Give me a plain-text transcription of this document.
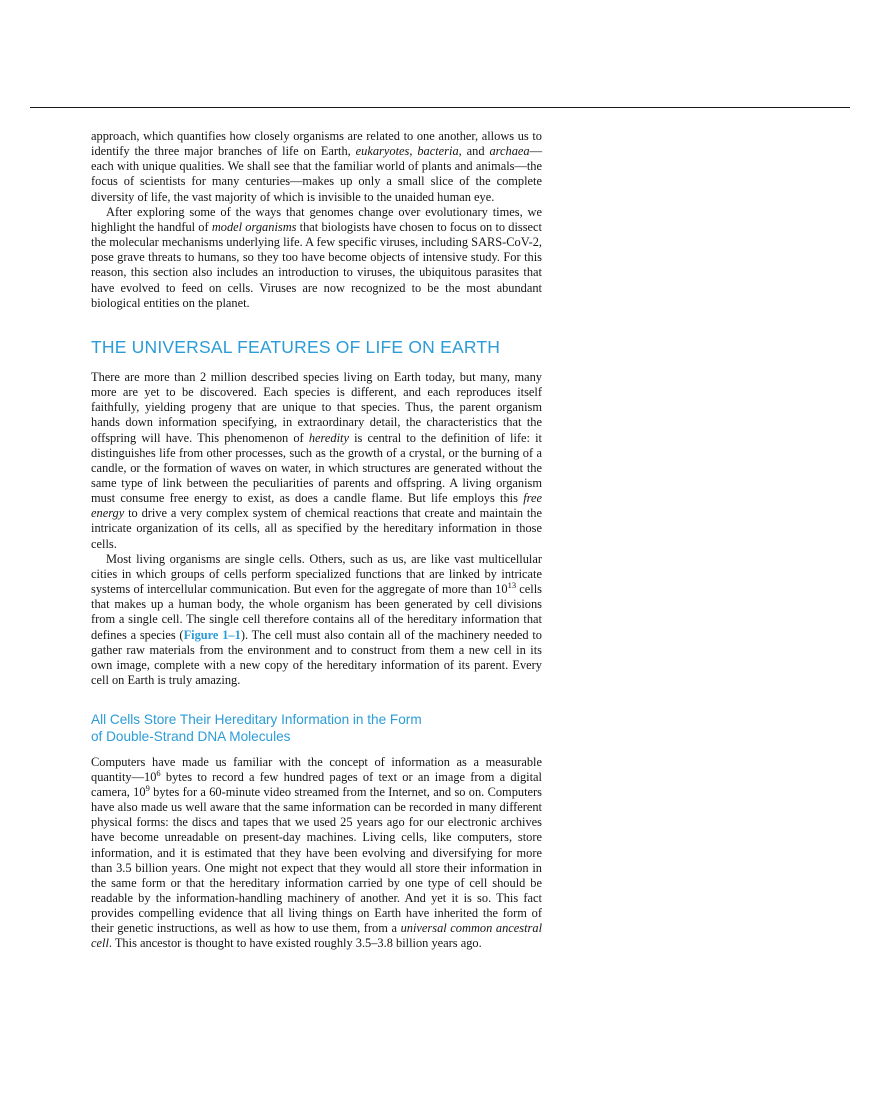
approach, which quantifies how closely organisms are related to one another, allows us to identify the three major branches of life on Earth, eukaryotes, bacteria, and archaea—each with unique qualities. We shall see that the familiar world of plants and animals—the focus of scientists for many centuries—makes up only a small slice of the complete diversity of life, the vast majority of which is invisible to the unaided human eye.

After exploring some of the ways that genomes change over evolutionary times, we highlight the handful of model organisms that biologists have chosen to focus on to dissect the molecular mechanisms underlying life. A few specific viruses, including SARS-CoV-2, pose grave threats to humans, so they too have become objects of intensive study. For this reason, this section also includes an introduction to viruses, the ubiquitous parasites that have evolved to feed on cells. Viruses are now recognized to be the most abundant biological entities on the planet.

THE UNIVERSAL FEATURES OF LIFE ON EARTH

There are more than 2 million described species living on Earth today, but many, many more are yet to be discovered. Each species is different, and each reproduces itself faithfully, yielding progeny that are unique to that species. Thus, the parent organism hands down information specifying, in extraordinary detail, the characteristics that the offspring will have. This phenomenon of heredity is central to the definition of life: it distinguishes life from other processes, such as the growth of a crystal, or the burning of a candle, or the formation of waves on water, in which structures are generated without the same type of link between the peculiarities of parents and offspring. A living organism must consume free energy to exist, as does a candle flame. But life employs this free energy to drive a very complex system of chemical reactions that create and maintain the intricate organization of its cells, all as specified by the hereditary information in those cells.

Most living organisms are single cells. Others, such as us, are like vast multicellular cities in which groups of cells perform specialized functions that are linked by intricate systems of intercellular communication. But even for the aggregate of more than $10^{13}$ cells that makes up a human body, the whole organism has been generated by cell divisions from a single cell. The single cell therefore contains all of the hereditary information that defines a species (Figure 1–1). The cell must also contain all of the machinery needed to gather raw materials from the environment and to construct from them a new cell in its own image, complete with a new copy of the hereditary information of its parent. Every cell on Earth is truly amazing.

All Cells Store Their Hereditary Information in the Form
of Double-Strand DNA Molecules

Computers have made us familiar with the concept of information as a measurable $quantity—10^6$ bytes to record a few hundred pages of text or an image from a digital camera, $10^9$ bytes for a 60-minute video streamed from the Internet, and so on. Computers have also made us well aware that the same information can be recorded in many different physical forms: the discs and tapes that we used 25 years ago for our electronic archives have become unreadable on present-day machines. Living cells, like computers, store information, and it is estimated that they have been evolving and diversifying for more than 3.5 billion years. One might not expect that they would all store their information in the same form or that the hereditary information carried by one type of cell should be readable by the information-handling machinery of another. And yet it is so. This fact provides compelling evidence that all living things on Earth have inherited the form of their genetic instructions, as well as how to use them, from a universal common ancestral cell. This ancestor is thought to have existed roughly 3.5–3.8 billion years ago.
